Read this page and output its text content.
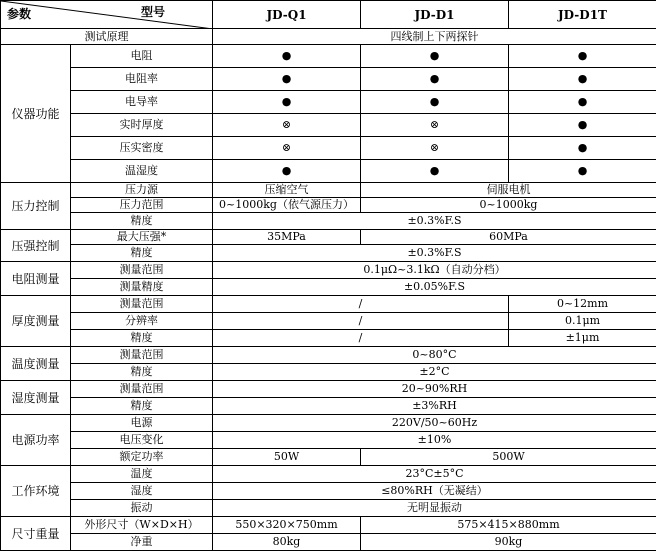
参数 型号		JD-Q1	JD-D1	JD-D1T
测试原理		四线制上下两探针		
仪器功能	电阻	●	●	●
	电阻率	●	●	●
	电导率	●	●	●
	实时厚度	⊗	⊗	●
	压实密度	⊗	⊗	●
	温湿度	●	●	●
压力控制	压力源	压缩空气	伺服电机	
	压力范围	0~1000kg（依气源压力）	0~1000kg	
	精度	±0.3%F.S		
压强控制	最大压强*	35MPa	60MPa	
	精度	±0.3%F.S		
电阻测量	测量范围	0.1μΩ~3.1kΩ（自动分档）		
	测量精度	±0.05%F.S		
厚度测量	测量范围	/		0~12mm
	分辨率	/		0.1μm
	精度	/		±1μm
温度测量	测量范围	0~80°C		
	精度	±2°C		
湿度测量	测量范围	20~90%RH		
	精度	±3%RH		
电源功率	电源	220V/50~60Hz		
	电压变化	±10%		
	额定功率	50W	500W	
工作环境	温度	23°C±5°C		
	湿度	≤80%RH（无凝结）		
	振动	无明显振动		
尺寸重量	外形尺寸（W×D×H）	550×320×750mm	575×415×880mm	
	净重	80kg	90kg	
